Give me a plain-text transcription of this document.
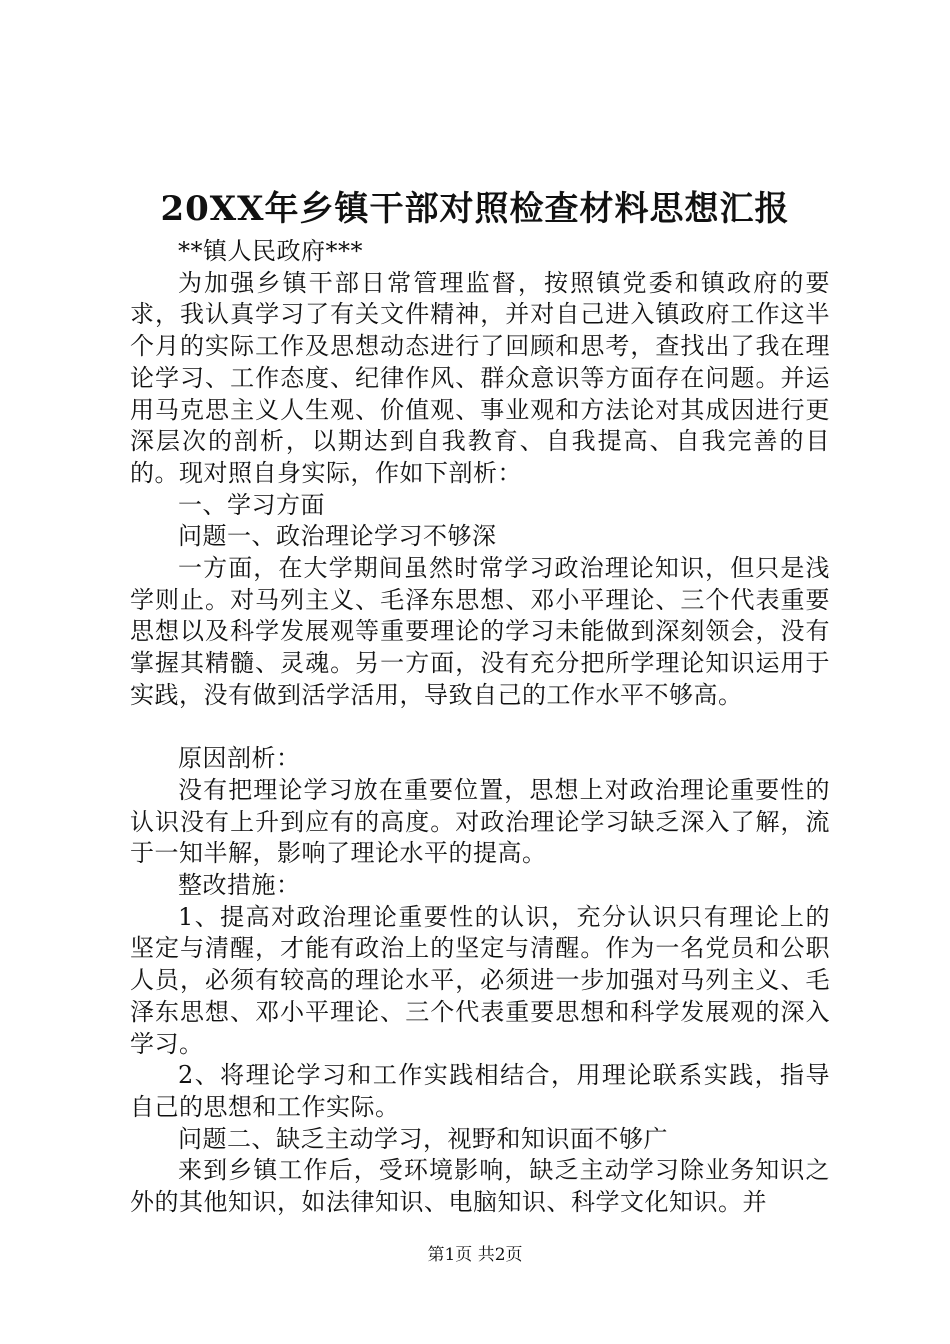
20XX年乡镇干部对照检查材料思想汇报

**镇人民政府***

为加强乡镇干部日常管理监督，按照镇党委和镇政府的要求，我认真学习了有关文件精神，并对自己进入镇政府工作这半个月的实际工作及思想动态进行了回顾和思考，查找出了我在理论学习、工作态度、纪律作风、群众意识等方面存在问题。并运用马克思主义人生观、价值观、事业观和方法论对其成因进行更深层次的剖析，以期达到自我教育、自我提高、自我完善的目的。现对照自身实际，作如下剖析：

一、学习方面

问题一、政治理论学习不够深

一方面，在大学期间虽然时常学习政治理论知识，但只是浅学则止。对马列主义、毛泽东思想、邓小平理论、三个代表重要思想以及科学发展观等重要理论的学习未能做到深刻领会，没有掌握其精髓、灵魂。另一方面，没有充分把所学理论知识运用于实践，没有做到活学活用，导致自己的工作水平不够高。

原因剖析：

没有把理论学习放在重要位置，思想上对政治理论重要性的认识没有上升到应有的高度。对政治理论学习缺乏深入了解，流于一知半解，影响了理论水平的提高。

整改措施：

1、提高对政治理论重要性的认识，充分认识只有理论上的坚定与清醒，才能有政治上的坚定与清醒。作为一名党员和公职人员，必须有较高的理论水平，必须进一步加强对马列主义、毛泽东思想、邓小平理论、三个代表重要思想和科学发展观的深入学习。

2、将理论学习和工作实践相结合，用理论联系实践，指导自己的思想和工作实际。

问题二、缺乏主动学习，视野和知识面不够广

来到乡镇工作后，受环境影响，缺乏主动学习除业务知识之外的其他知识，如法律知识、电脑知识、科学文化知识。并

第1页 共2页
